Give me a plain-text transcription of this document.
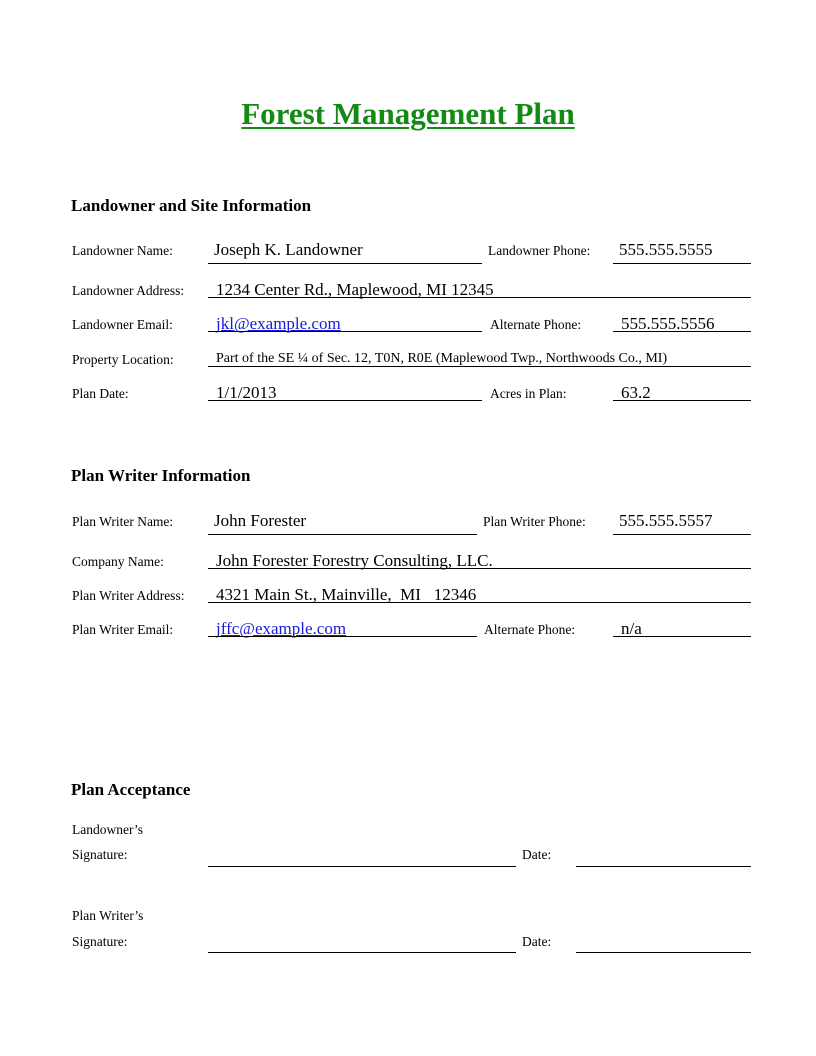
Forest Management Plan
Landowner and Site Information
Landowner Name: Joseph K. Landowner	Landowner Phone: 555.555.5555
Landowner Address: 1234 Center Rd., Maplewood, MI 12345
Landowner Email:	jkl@example.com	Alternate Phone: 555.555.5556
Property Location:	Part of the SE ¼ of Sec. 12, T0N, R0E (Maplewood Twp., Northwoods Co., MI)
Plan Date:	1/1/2013	Acres in Plan:	63.2
Plan Writer Information
Plan Writer Name: John Forester	Plan Writer Phone: 555.555.5557
Company Name:	John Forester Forestry Consulting, LLC.
Plan Writer Address: 4321 Main St., Mainville,  MI   12346
Plan Writer Email:	jffc@example.com	Alternate Phone:	n/a
Plan Acceptance
Landowner’s
Signature:	Date:
Plan Writer’s
Signature:	Date:
